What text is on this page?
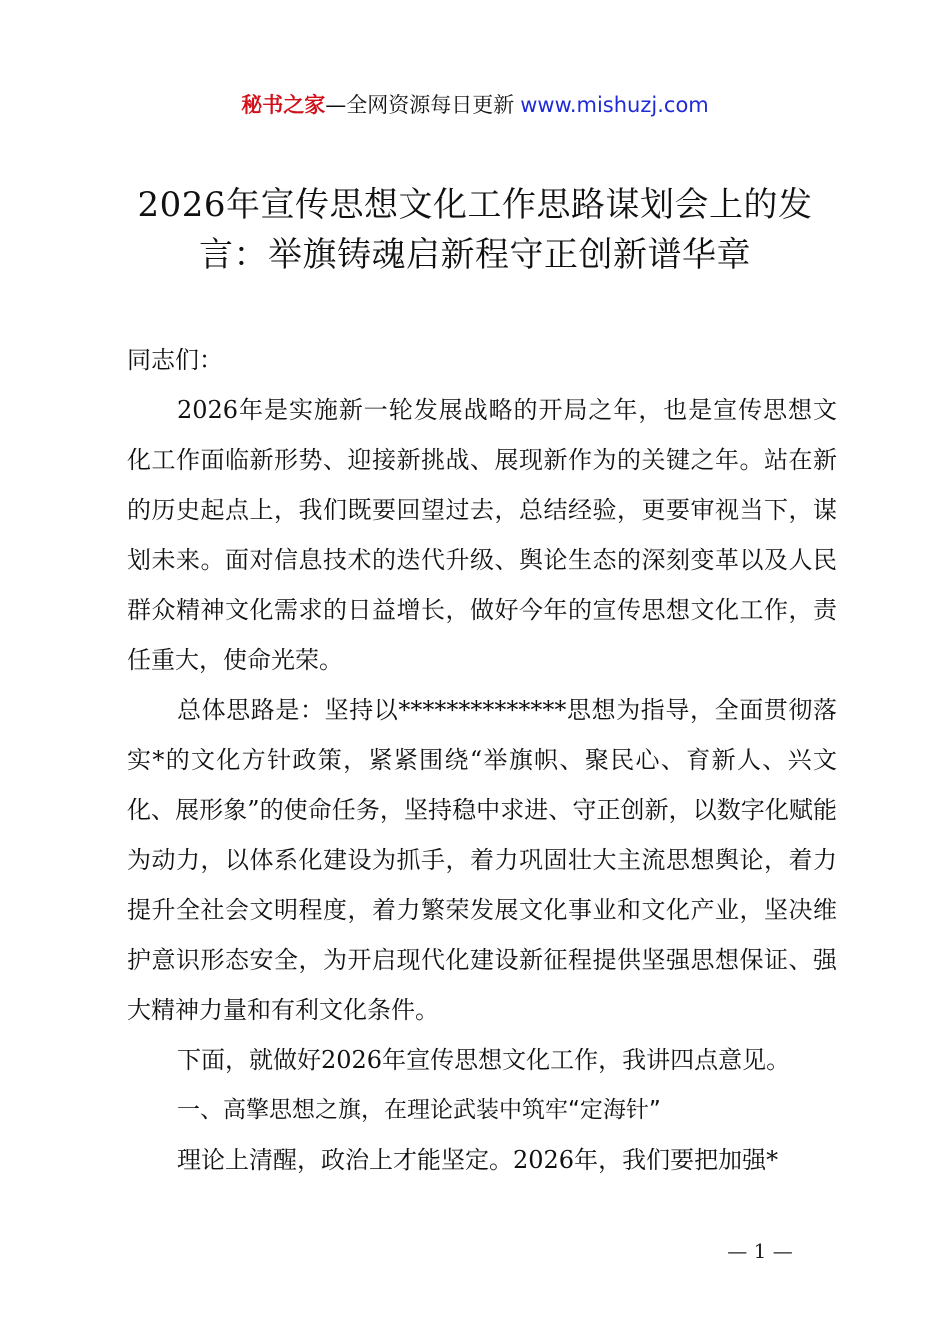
秘书之家—全网资源每日更新 www.mishuzj.com
2026年宣传思想文化工作思路谋划会上的发言：举旗铸魂启新程守正创新谱华章

同志们：

2026年是实施新一轮发展战略的开局之年，也是宣传思想文化工作面临新形势、迎接新挑战、展现新作为的关键之年。站在新的历史起点上，我们既要回望过去，总结经验，更要审视当下，谋划未来。面对信息技术的迭代升级、舆论生态的深刻变革以及人民群众精神文化需求的日益增长，做好今年的宣传思想文化工作，责任重大，使命光荣。

总体思路是：坚持以**************思想为指导，全面贯彻落实*的文化方针政策，紧紧围绕“举旗帜、聚民心、育新人、兴文化、展形象”的使命任务，坚持稳中求进、守正创新，以数字化赋能为动力，以体系化建设为抓手，着力巩固壮大主流思想舆论，着力提升全社会文明程度，着力繁荣发展文化事业和文化产业，坚决维护意识形态安全，为开启现代化建设新征程提供坚强思想保证、强大精神力量和有利文化条件。

下面，就做好2026年宣传思想文化工作，我讲四点意见。

一、高擎思想之旗，在理论武装中筑牢“定海针”

理论上清醒，政治上才能坚定。2026年，我们要把加强*

— 1 —
